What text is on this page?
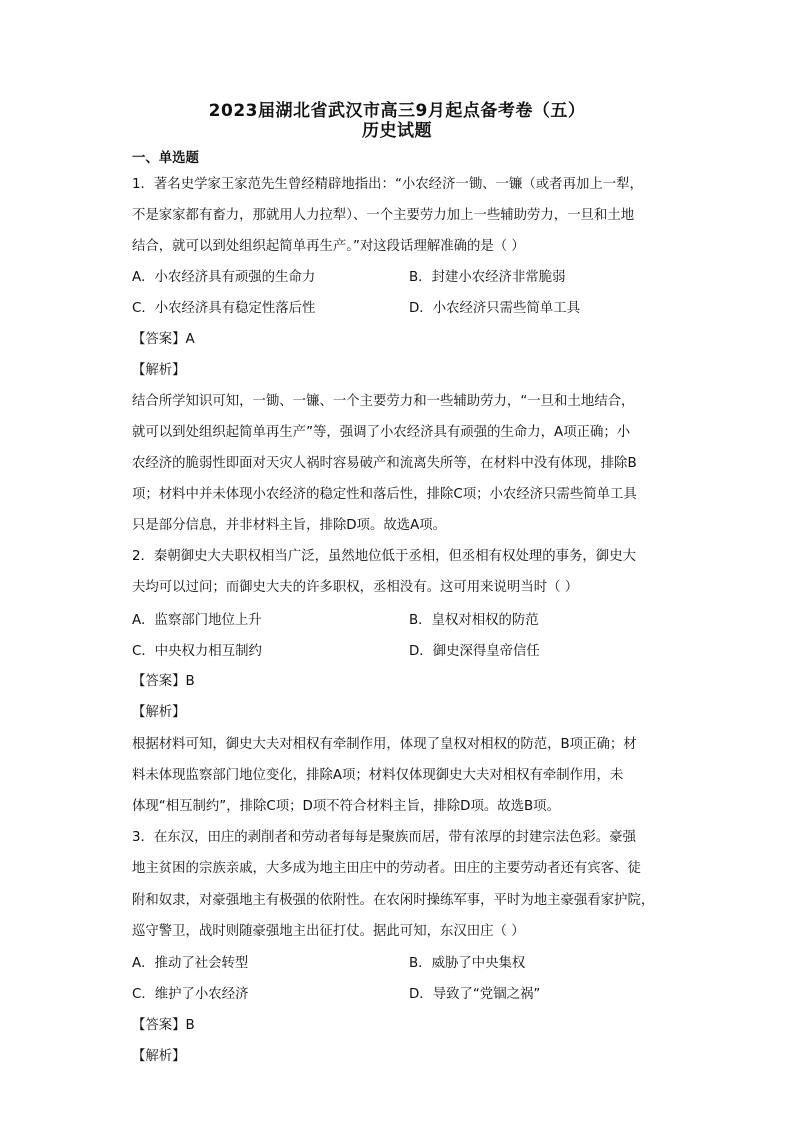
2023届湖北省武汉市高三9月起点备考卷（五）
历史试题
一、单选题
1．著名史学家王家范先生曾经精辟地指出：“小农经济一锄、一镰（或者再加上一犁，
不是家家都有畜力，那就用人力拉犁）、一个主要劳力加上一些辅助劳力，一旦和土地
结合，就可以到处组织起简单再生产。”对这段话理解准确的是（ ）
A．小农经济具有顽强的生命力	B．封建小农经济非常脆弱
C．小农经济具有稳定性落后性	D．小农经济只需些简单工具
【答案】A
【解析】
结合所学知识可知，一锄、一镰、一个主要劳力和一些辅助劳力，“一旦和土地结合，
就可以到处组织起简单再生产”等，强调了小农经济具有顽强的生命力，A项正确；小
农经济的脆弱性即面对天灾人祸时容易破产和流离失所等，在材料中没有体现，排除B
项；材料中并未体现小农经济的稳定性和落后性，排除C项；小农经济只需些简单工具
只是部分信息，并非材料主旨，排除D项。故选A项。
2．秦朝御史大夫职权相当广泛，虽然地位低于丞相，但丞相有权处理的事务，御史大
夫均可以过问；而御史大夫的许多职权，丞相没有。这可用来说明当时（ ）
A．监察部门地位上升	B．皇权对相权的防范
C．中央权力相互制约	D．御史深得皇帝信任
【答案】B
【解析】
根据材料可知，御史大夫对相权有牵制作用，体现了皇权对相权的防范，B项正确；材
料未体现监察部门地位变化，排除A项；材料仅体现御史大夫对相权有牵制作用，未
体现“相互制约”，排除C项；D项不符合材料主旨，排除D项。故选B项。
3．在东汉，田庄的剥削者和劳动者每每是聚族而居，带有浓厚的封建宗法色彩。豪强
地主贫困的宗族亲戚，大多成为地主田庄中的劳动者。田庄的主要劳动者还有宾客、徒
附和奴隶，对豪强地主有极强的依附性。在农闲时操练军事，平时为地主豪强看家护院，
巡守警卫，战时则随豪强地主出征打仗。据此可知，东汉田庄（ ）
A．推动了社会转型	B．威胁了中央集权
C．维护了小农经济	D．导致了“党锢之祸”
【答案】B
【解析】
